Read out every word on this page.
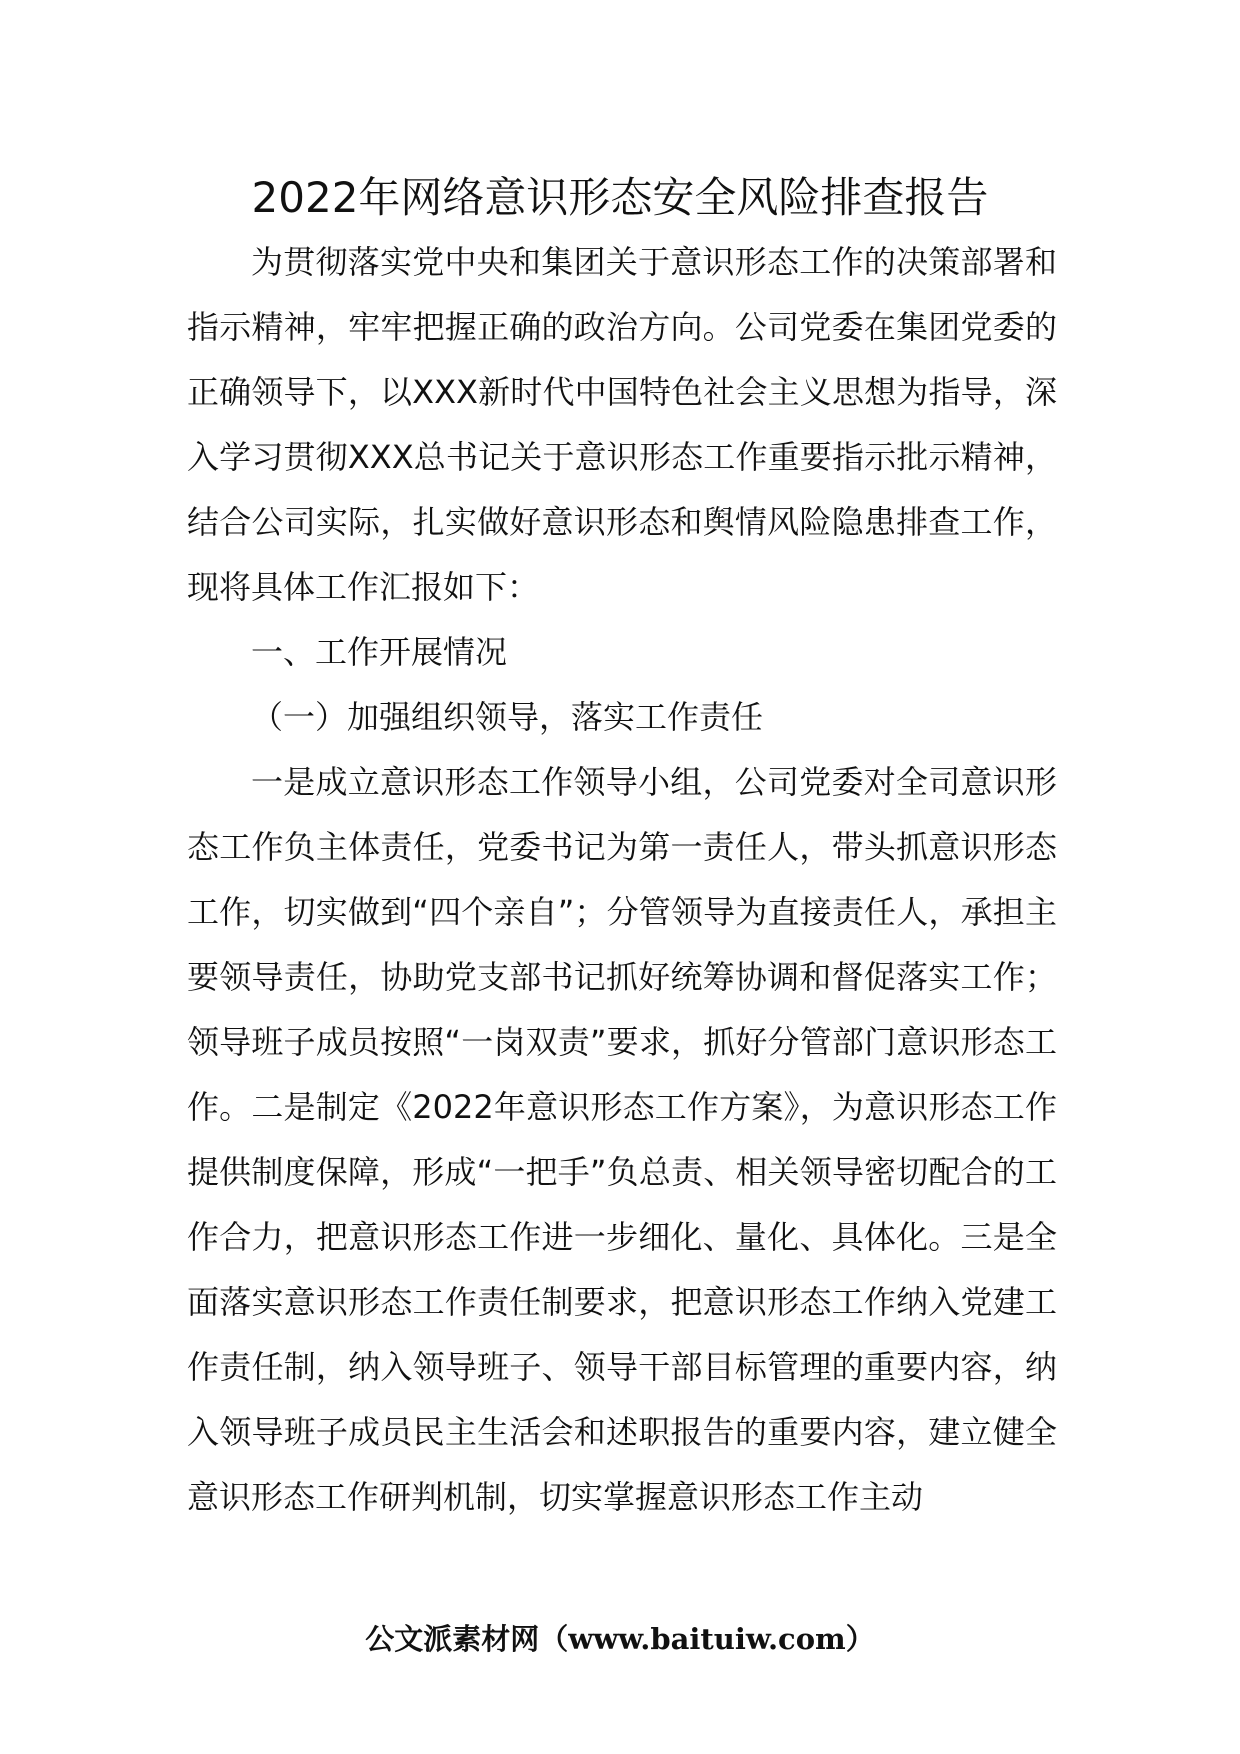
2022年网络意识形态安全风险排查报告

为贯彻落实党中央和集团关于意识形态工作的决策部署和指示精神，牢牢把握正确的政治方向。公司党委在集团党委的正确领导下，以XXX新时代中国特色社会主义思想为指导，深入学习贯彻XXX总书记关于意识形态工作重要指示批示精神，结合公司实际，扎实做好意识形态和舆情风险隐患排查工作，现将具体工作汇报如下：

一、工作开展情况

（一）加强组织领导，落实工作责任

一是成立意识形态工作领导小组，公司党委对全司意识形态工作负主体责任，党委书记为第一责任人，带头抓意识形态工作，切实做到“四个亲自”；分管领导为直接责任人，承担主要领导责任，协助党支部书记抓好统筹协调和督促落实工作；领导班子成员按照“一岗双责”要求，抓好分管部门意识形态工作。二是制定《2022年意识形态工作方案》，为意识形态工作提供制度保障，形成“一把手”负总责、相关领导密切配合的工作合力，把意识形态工作进一步细化、量化、具体化。三是全面落实意识形态工作责任制要求，把意识形态工作纳入党建工作责任制，纳入领导班子、领导干部目标管理的重要内容，纳入领导班子成员民主生活会和述职报告的重要内容，建立健全意识形态工作研判机制，切实掌握意识形态工作主动

公文派素材网（www.baituiw.com）
